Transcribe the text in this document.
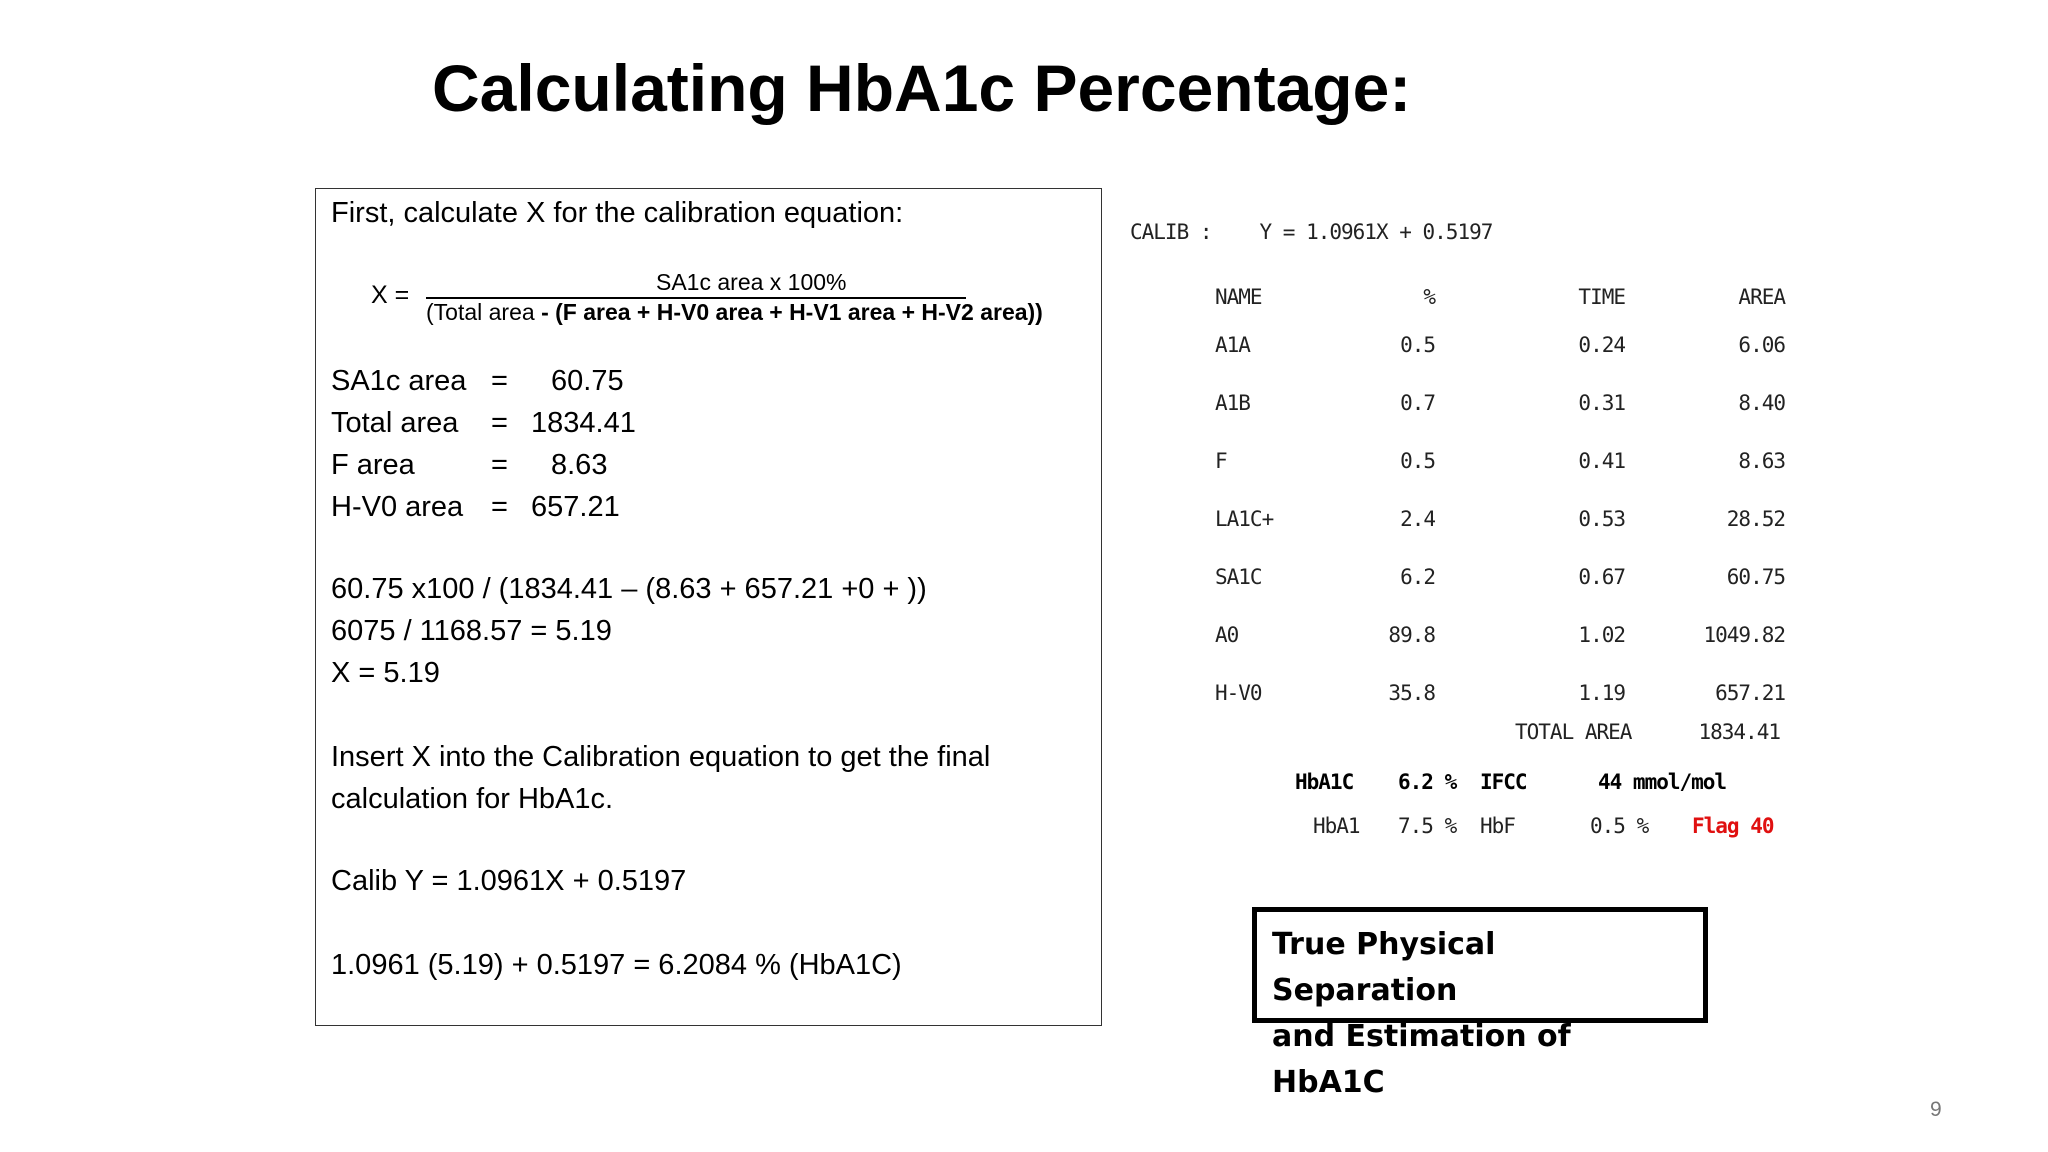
Calculating HbA1c Percentage:
First, calculate X for the calibration equation:
X =	SA1c area x 100%
(Total area - (F area + H-V0 area + H-V1 area + H-V2 area))
SA1c area = 60.75
Total area = 1834.41
F area	= 8.63
H-V0 area = 657.21
60.75 x100 / (1834.41 – (8.63 + 657.21 +0 + ))
6075 / 1168.57 = 5.19
X = 5.19
Insert X into the Calibration equation to get the final
calculation for HbA1c.
Calib Y = 1.0961X + 0.5197
1.0961 (5.19) + 0.5197 = 6.2084 % (HbA1C)
CALIB : Y = 1.0961X + 0.5197
NAME	%	TIME	AREA
A1A	0.5	0.24	6.06
A1B	0.7	0.31	8.40
F	0.5	0.41	8.63
LA1C+	2.4	0.53	28.52
SA1C	6.2	0.67	60.75
A0	89.8	1.02	1049.82
H-V0	35.8	1.19	657.21
TOTAL AREA	1834.41
HbA1C 6.2 % IFCC	44 mmol/mol
HbA1 7.5 % HbF	0.5 % Flag 40
True Physical Separation
and Estimation of HbA1C
9
